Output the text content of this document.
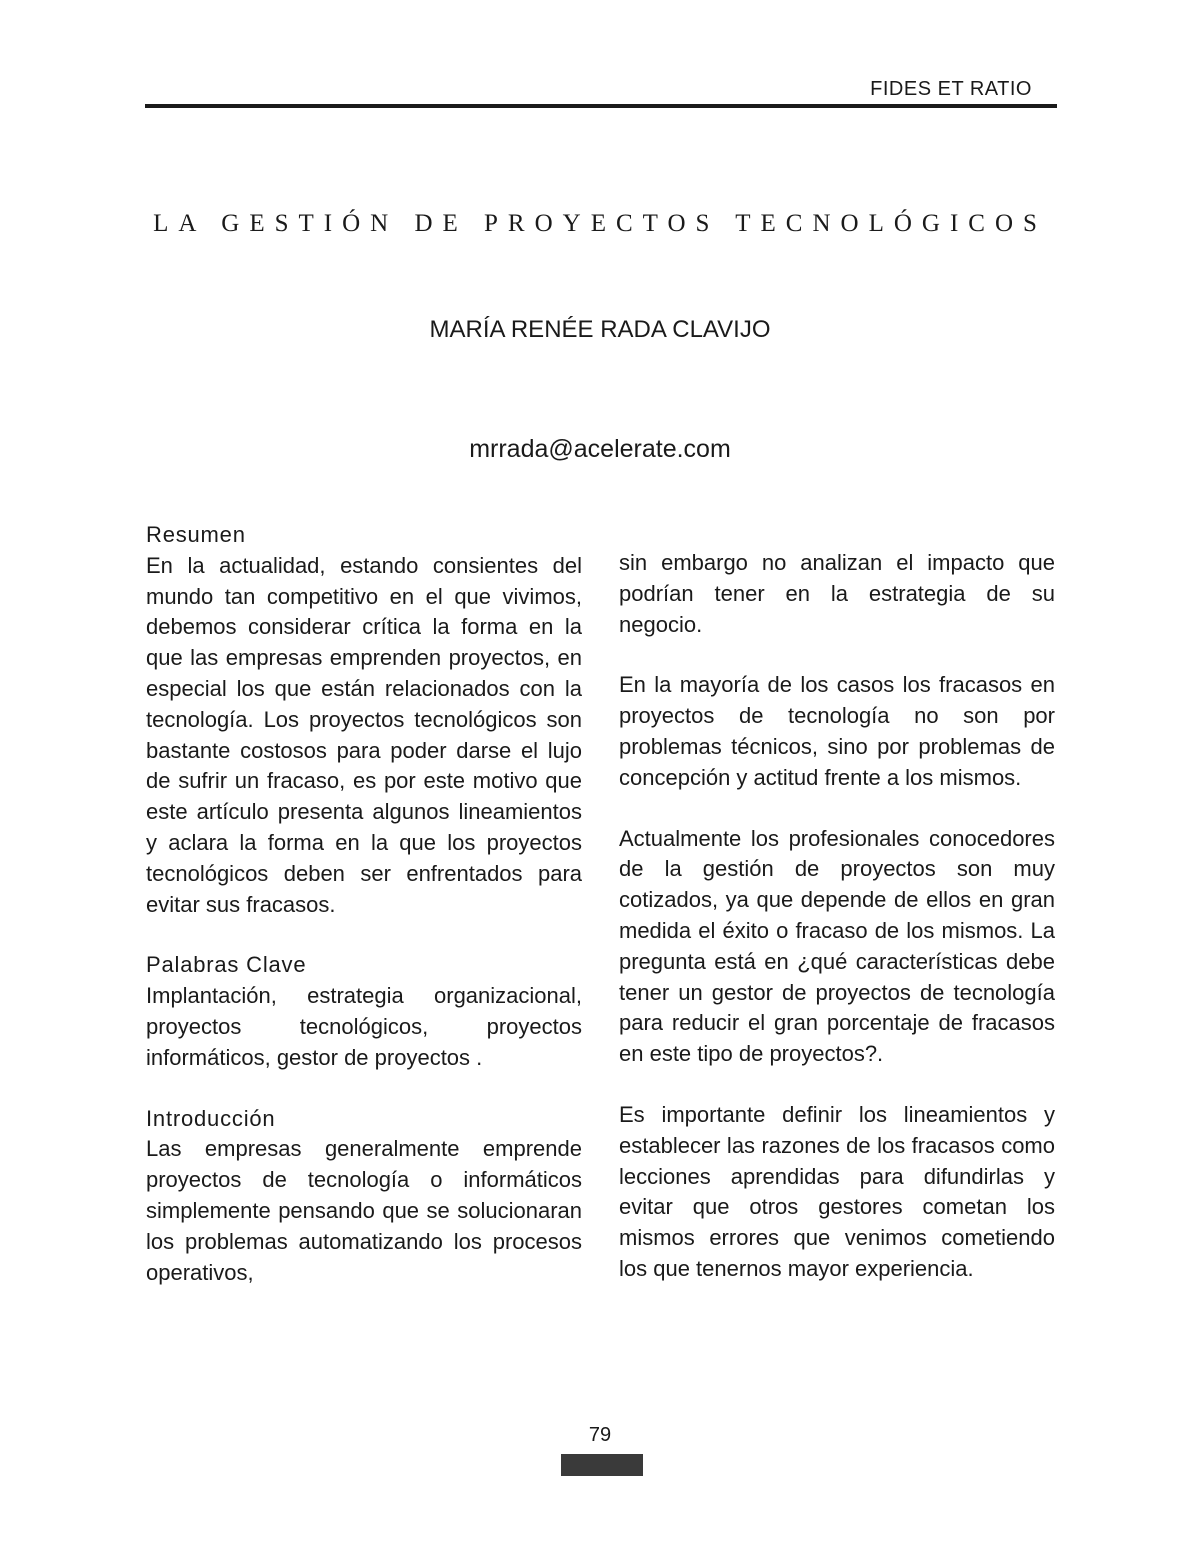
FIDES ET RATIO
LA GESTIÓN DE PROYECTOS TECNOLÓGICOS
MARÍA RENÉE RADA CLAVIJO
mrrada@acelerate.com
Resumen

En la actualidad, estando consientes del mundo tan competitivo en el que vivimos, debemos considerar crítica la forma en la que las empresas emprenden proyectos, en especial los que están relacionados con la tecnología. Los proyectos tecnológicos son bastante costosos para poder darse el lujo de sufrir un fracaso, es por este motivo que este artículo presenta algunos lineamientos y aclara la forma en la que los proyectos tecnológicos deben ser enfrentados para evitar sus fracasos.

Palabras Clave

Implantación, estrategia organizacional, proyectos tecnológicos, proyectos informáticos, gestor de proyectos .

Introducción

Las empresas generalmente emprende proyectos de tecnología o informáticos simplemente pensando que se solucionaran los problemas automatizando los procesos operativos,

sin embargo no analizan el impacto que podrían tener en la estrategia de su negocio.

En la mayoría de los casos los fracasos en proyectos de tecnología no son por problemas técnicos, sino por problemas de concepción y actitud frente a los mismos.

Actualmente los profesionales conocedores de la gestión de proyectos son muy cotizados, ya que depende de ellos en gran medida el éxito o fracaso de los mismos. La pregunta está en ¿qué características debe tener un gestor de proyectos de tecnología para reducir el gran porcentaje de fracasos en este tipo de proyectos?.

Es importante definir los lineamientos y establecer las razones de los fracasos como lecciones aprendidas para difundirlas y evitar que otros gestores cometan los mismos errores que venimos cometiendo los que tenernos mayor experiencia.

79
